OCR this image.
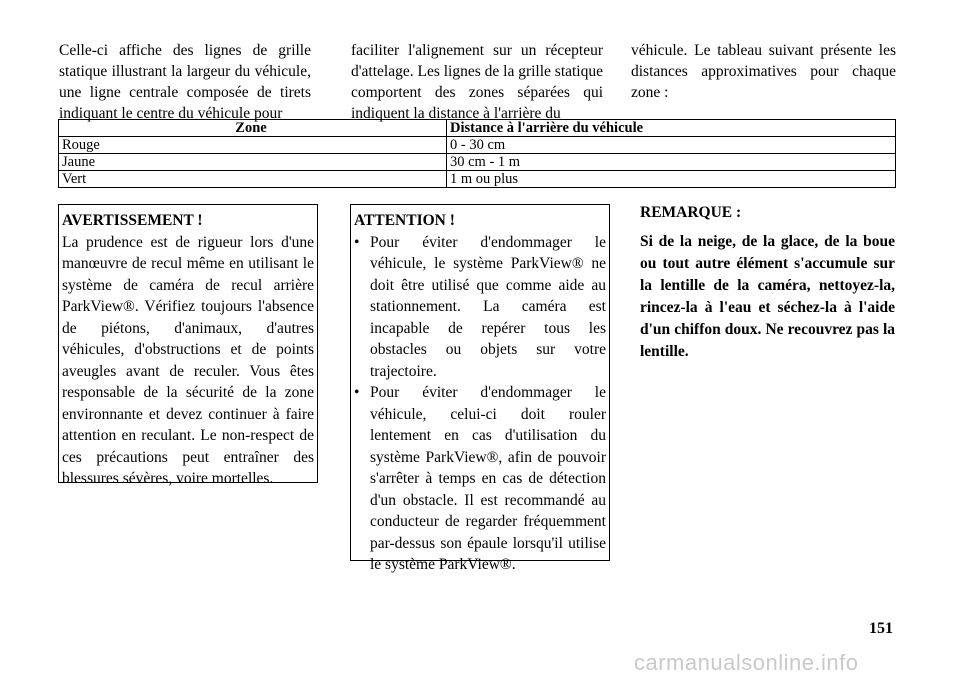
Celle-ci affiche des lignes de grille statique illustrant la largeur du véhicule, une ligne centrale composée de tirets indiquant le centre du véhicule pour

faciliter l'alignement sur un récepteur d'attelage. Les lignes de la grille statique comportent des zones séparées qui indiquent la distance à l'arrière du

véhicule. Le tableau suivant présente les distances approximatives pour chaque zone :

Zone	Distance à l'arrière du véhicule
Rouge	0 - 30 cm
Jaune	30 cm - 1 m
Vert	1 m ou plus
AVERTISSEMENT !
La prudence est de rigueur lors d'une manœuvre de recul même en utilisant le système de caméra de recul arrière ParkView®. Vérifiez toujours l'absence de piétons, d'animaux, d'autres véhicules, d'obstructions et de points aveugles avant de reculer. Vous êtes responsable de la sécurité de la zone environnante et devez continuer à faire attention en reculant. Le non-respect de ces précautions peut entraîner des blessures sévères, voire mortelles.
ATTENTION !
• Pour éviter d'endommager le véhicule, le système ParkView® ne doit être utilisé que comme aide au stationnement. La caméra est incapable de repérer tous les obstacles ou objets sur votre trajectoire.
• Pour éviter d'endommager le véhicule, celui-ci doit rouler lentement en cas d'utilisation du système ParkView®, afin de pouvoir s'arrêter à temps en cas de détection d'un obstacle. Il est recommandé au conducteur de regarder fréquemment par-dessus son épaule lorsqu'il utilise le système ParkView®.
REMARQUE :

Si de la neige, de la glace, de la boue ou tout autre élément s'accumule sur la lentille de la caméra, nettoyez-la, rincez-la à l'eau et séchez-la à l'aide d'un chiffon doux. Ne recouvrez pas la lentille.

151
carmanualsonline.info
